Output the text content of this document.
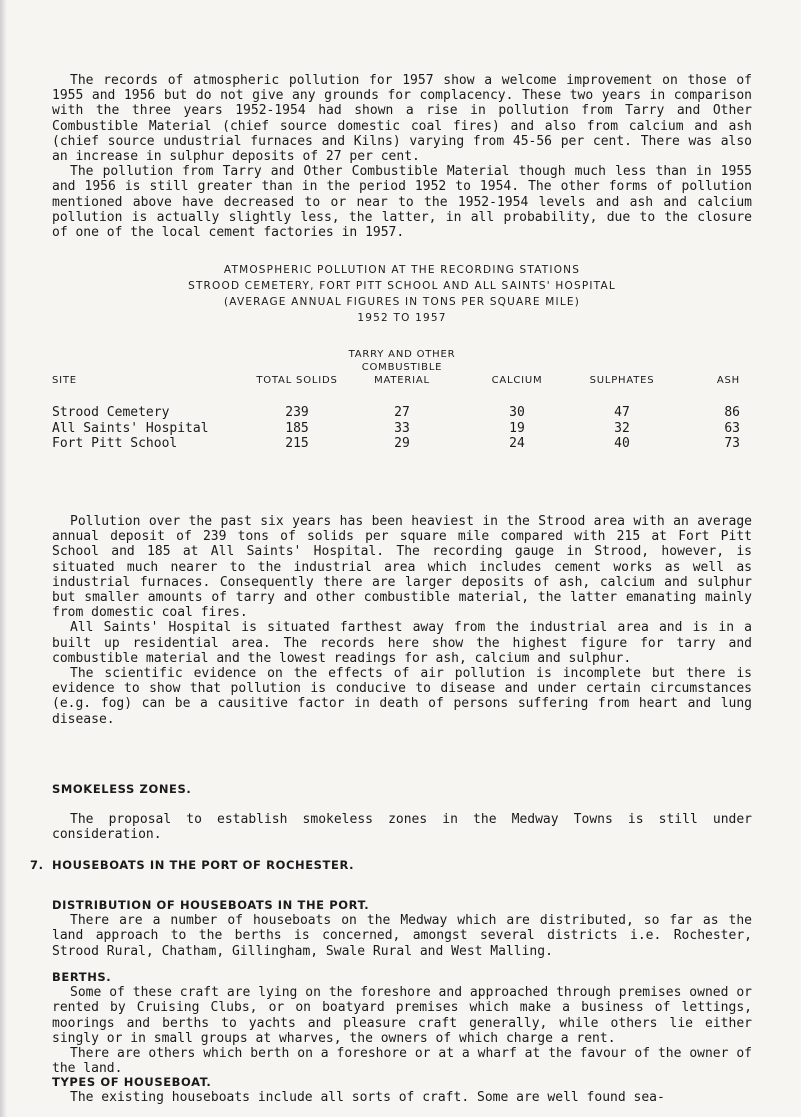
The records of atmospheric pollution for 1957 show a welcome improvement on those of 1955 and 1956 but do not give any grounds for complacency. These two years in comparison with the three years 1952-1954 had shown a rise in pollution from Tarry and Other Combustible Material (chief source domestic coal fires) and also from calcium and ash (chief source undustrial furnaces and Kilns) varying from 45-56 per cent. There was also an increase in sulphur deposits of 27 per cent.

The pollution from Tarry and Other Combustible Material though much less than in 1955 and 1956 is still greater than in the period 1952 to 1954. The other forms of pollution mentioned above have decreased to or near to the 1952-1954 levels and ash and calcium pollution is actually slightly less, the latter, in all probability, due to the closure of one of the local cement factories in 1957.

ATMOSPHERIC POLLUTION AT THE RECORDING STATIONS
STROOD CEMETERY, FORT PITT SCHOOL AND ALL SAINTS' HOSPITAL
(AVERAGE ANNUAL FIGURES IN TONS PER SQUARE MILE)
1952 TO 1957
SITE	TOTAL SOLIDS	TARRY AND OTHER COMBUSTIBLE MATERIAL	CALCIUM	SULPHATES	ASH
Strood Cemetery	239	27	30	47	86
All Saints' Hospital	185	33	19	32	63
Fort Pitt School	215	29	24	40	73

Pollution over the past six years has been heaviest in the Strood area with an average annual deposit of 239 tons of solids per square mile compared with 215 at Fort Pitt School and 185 at All Saints' Hospital. The recording gauge in Strood, however, is situated much nearer to the industrial area which includes cement works as well as industrial furnaces. Consequently there are larger deposits of ash, calcium and sulphur but smaller amounts of tarry and other combustible material, the latter emanating mainly from domestic coal fires.

All Saints' Hospital is situated farthest away from the industrial area and is in a built up residential area. The records here show the highest figure for tarry and combustible material and the lowest readings for ash, calcium and sulphur.

The scientific evidence on the effects of air pollution is incomplete but there is evidence to show that pollution is conducive to disease and under certain circumstances (e.g. fog) can be a causitive factor in death of persons suffering from heart and lung disease.

SMOKELESS ZONES.

The proposal to establish smokeless zones in the Medway Towns is still under consideration.

7. HOUSEBOATS IN THE PORT OF ROCHESTER.
DISTRIBUTION OF HOUSEBOATS IN THE PORT.

There are a number of houseboats on the Medway which are distributed, so far as the land approach to the berths is concerned, amongst several districts i.e. Rochester, Strood Rural, Chatham, Gillingham, Swale Rural and West Malling.

BERTHS.

Some of these craft are lying on the foreshore and approached through premises owned or rented by Cruising Clubs, or on boatyard premises which make a business of lettings, moorings and berths to yachts and pleasure craft generally, while others lie either singly or in small groups at wharves, the owners of which charge a rent.

There are others which berth on a foreshore or at a wharf at the favour of the owner of the land.

TYPES OF HOUSEBOAT.

The existing houseboats include all sorts of craft. Some are well found sea-
